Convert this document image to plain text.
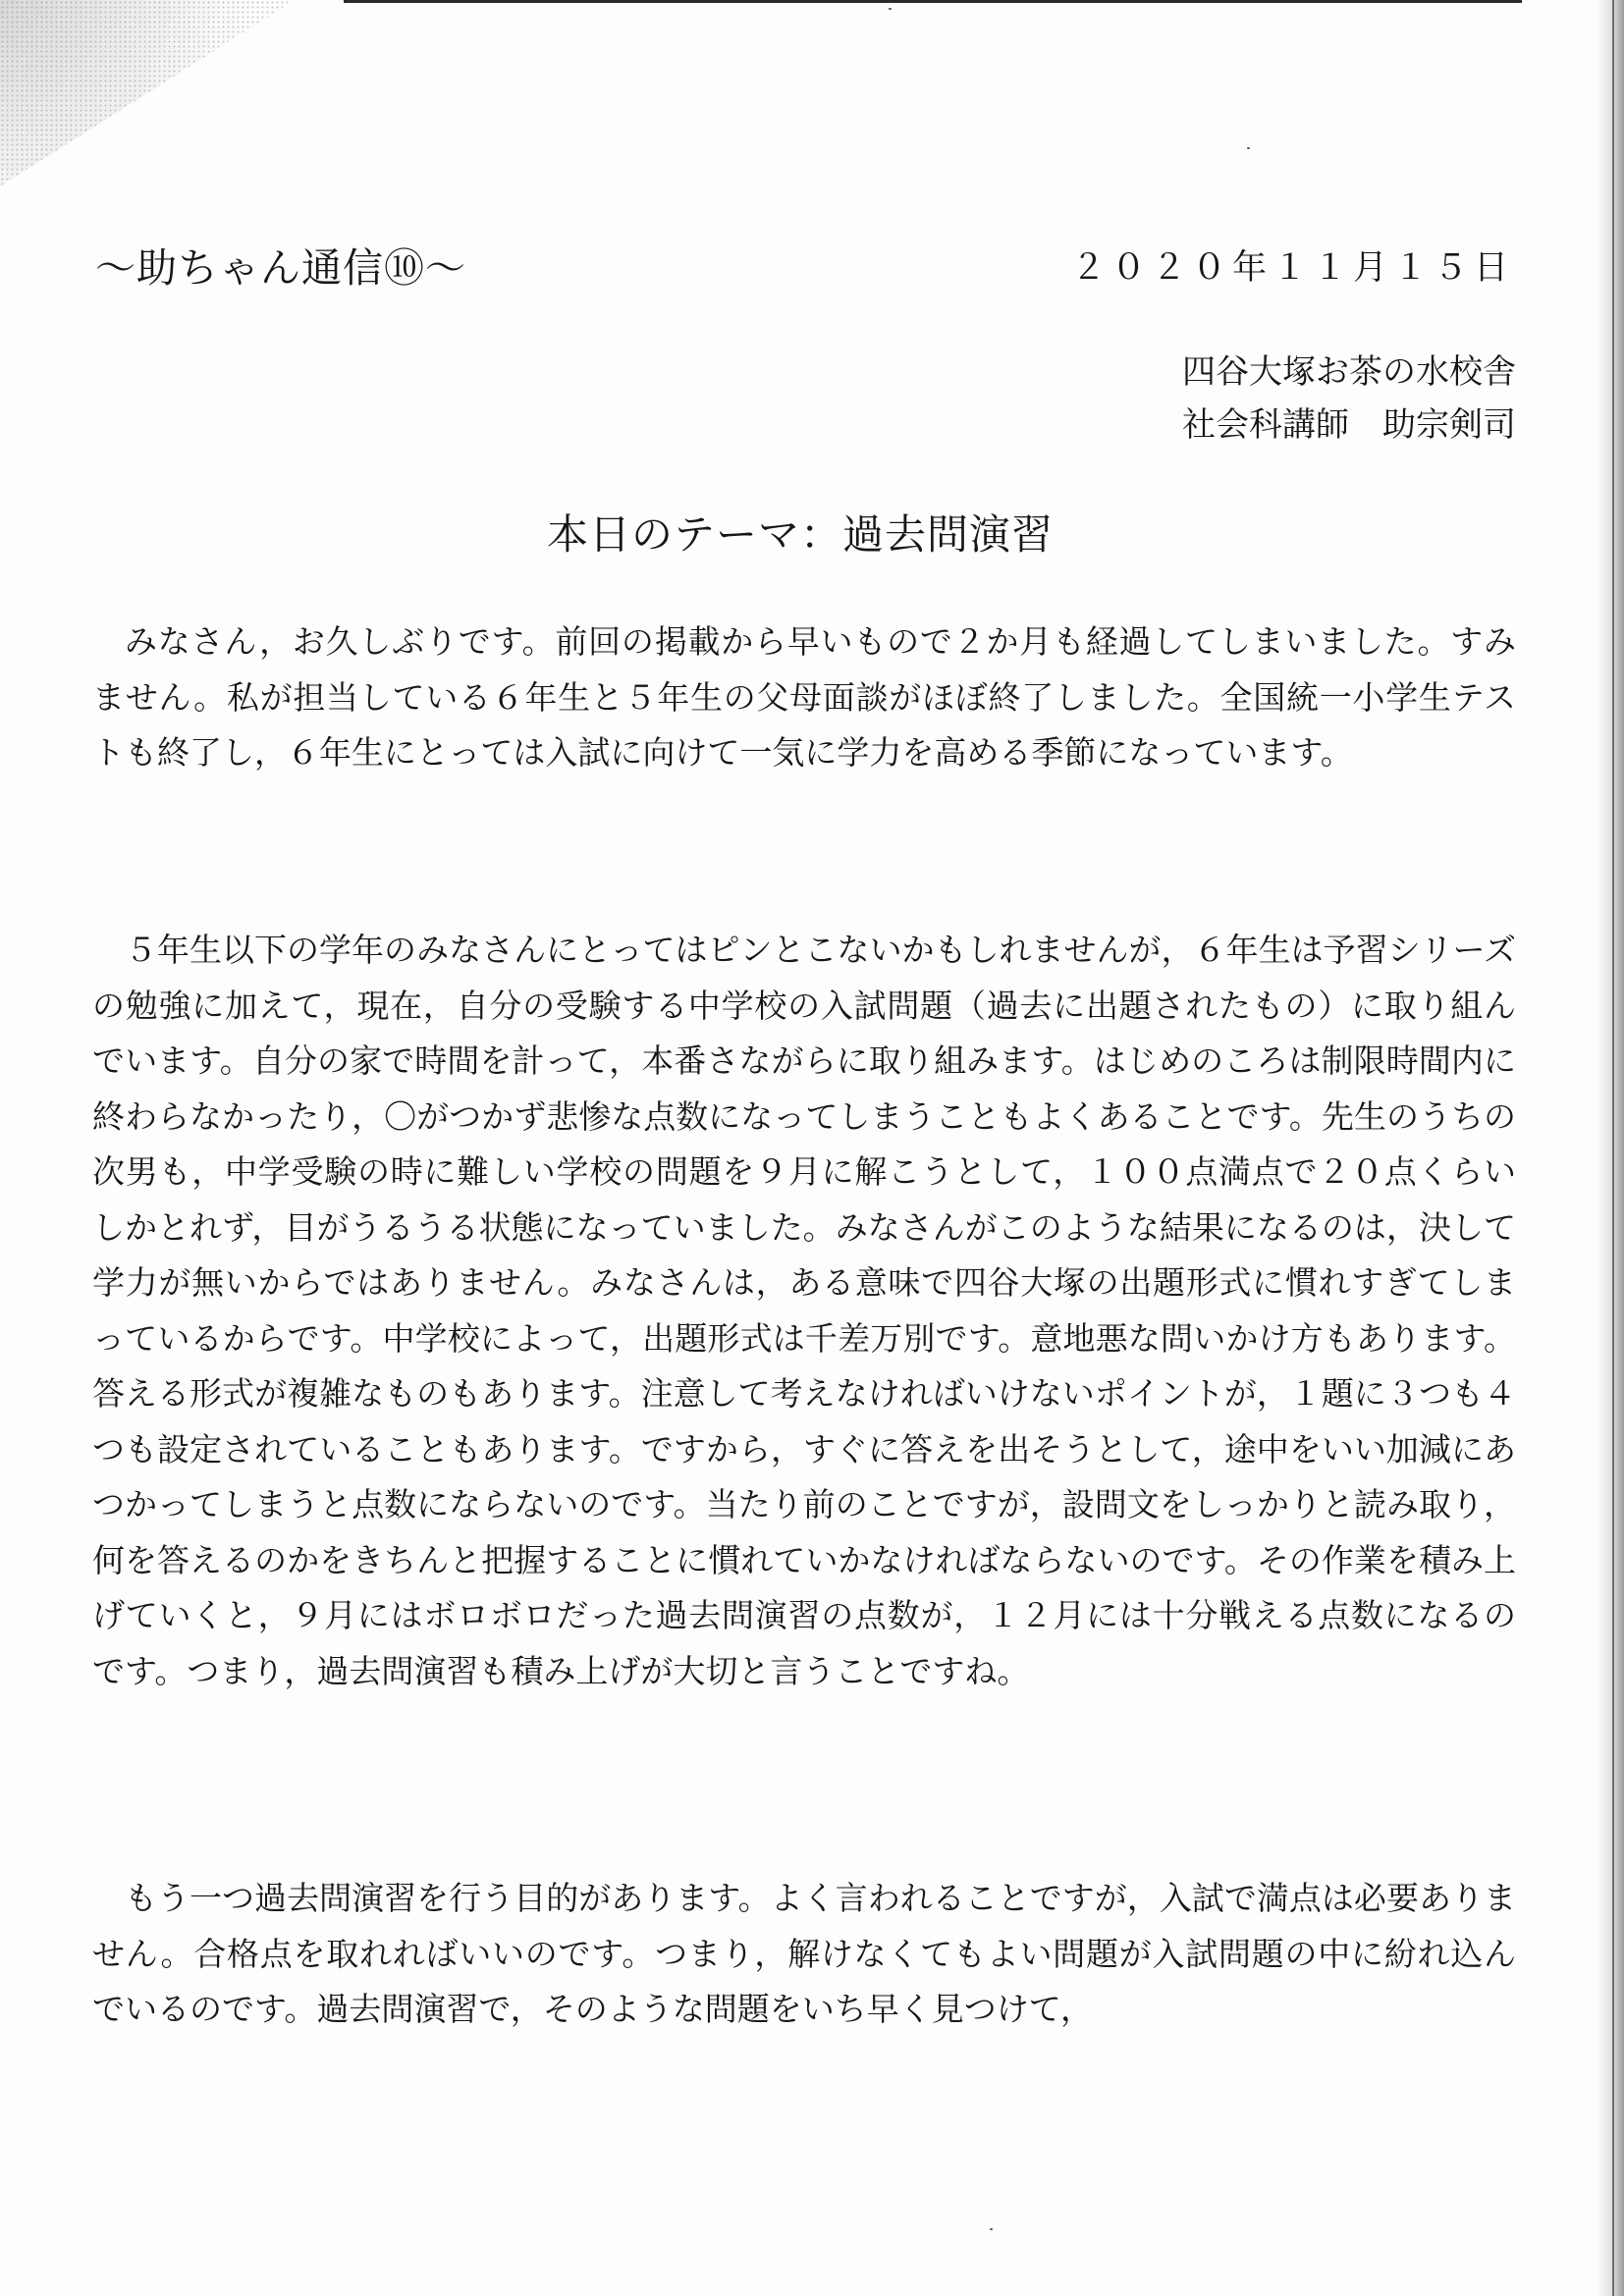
～助ちゃん通信⑩～	２０２０年１１月１５日
四谷大塚お茶の水校舎
社会科講師　助宗剣司
本日のテーマ：過去問演習

みなさん，お久しぶりです。前回の掲載から早いもので２か月も経過してしまいました。すみません。私が担当している６年生と５年生の父母面談がほぼ終了しました。全国統一小学生テストも終了し，６年生にとっては入試に向けて一気に学力を高める季節になっています。

５年生以下の学年のみなさんにとってはピンとこないかもしれませんが，６年生は予習シリーズの勉強に加えて，現在，自分の受験する中学校の入試問題（過去に出題されたもの）に取り組んでいます。自分の家で時間を計って，本番さながらに取り組みます。はじめのころは制限時間内に終わらなかったり，〇がつかず悲惨な点数になってしまうこともよくあることです。先生のうちの次男も，中学受験の時に難しい学校の問題を９月に解こうとして，１００点満点で２０点くらいしかとれず，目がうるうる状態になっていました。みなさんがこのような結果になるのは，決して学力が無いからではありません。みなさんは，ある意味で四谷大塚の出題形式に慣れすぎてしまっているからです。中学校によって，出題形式は千差万別です。意地悪な問いかけ方もあります。答える形式が複雑なものもあります。注意して考えなければいけないポイントが，１題に３つも４つも設定されていることもあります。ですから，すぐに答えを出そうとして，途中をいい加減にあつかってしまうと点数にならないのです。当たり前のことですが，設問文をしっかりと読み取り，何を答えるのかをきちんと把握することに慣れていかなければならないのです。その作業を積み上げていくと，９月にはボロボロだった過去問演習の点数が，１２月には十分戦える点数になるのです。つまり，過去問演習も積み上げが大切と言うことですね。

もう一つ過去問演習を行う目的があります。よく言われることですが，入試で満点は必要ありません。合格点を取れればいいのです。つまり，解けなくてもよい問題が入試問題の中に紛れ込んでいるのです。過去問演習で，そのような問題をいち早く見つけて，
